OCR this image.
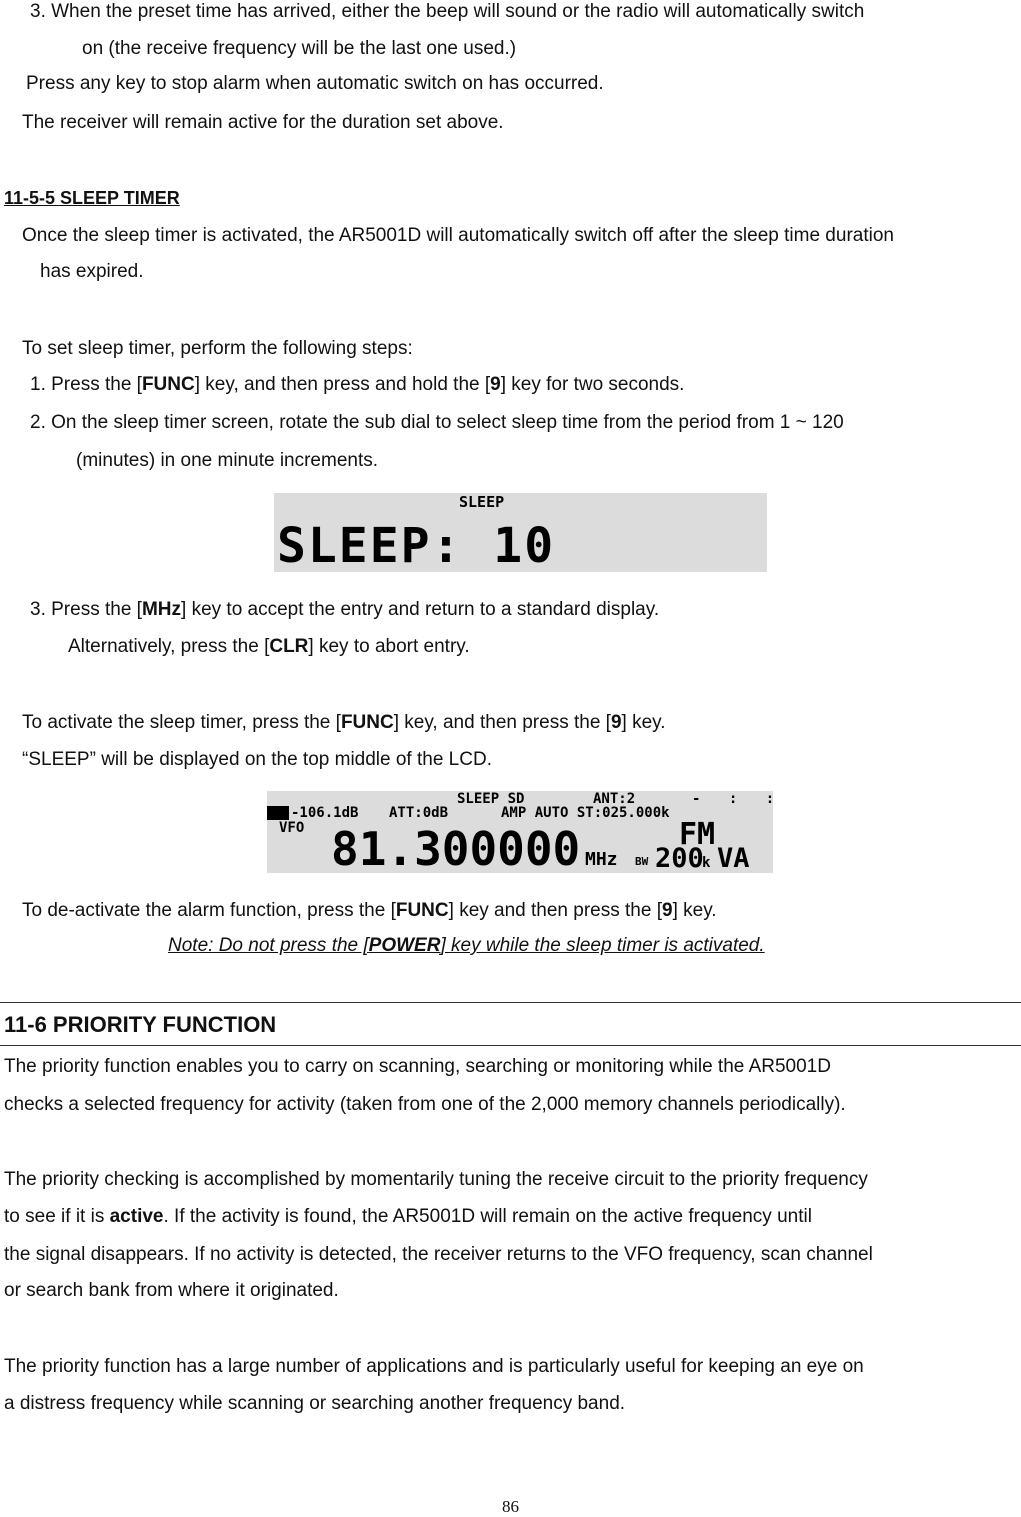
3. When the preset time has arrived, either the beep will sound or the radio will automatically switch
on (the receive frequency will be the last one used.)
Press any key to stop alarm when automatic switch on has occurred.
The receiver will remain active for the duration set above.
11-5-5 SLEEP TIMER
Once the sleep timer is activated, the AR5001D will automatically switch off after the sleep time duration
has expired.
To set sleep timer, perform the following steps:
1. Press the [FUNC] key, and then press and hold the [9] key for two seconds.
2. On the sleep timer screen, rotate the sub dial to select sleep time from the period from 1 ~ 120
(minutes) in one minute increments.
SLEEP
SLEEP: 10
3. Press the [MHz] key to accept the entry and return to a standard display.
Alternatively, press the [CLR] key to abort entry.
To activate the sleep timer, press the [FUNC] key, and then press the [9] key.
“SLEEP” will be displayed on the top middle of the LCD.
-106.1dB ATT:0dB
SLEEP SD	ANT:2	- : :
VFO
AMP AUTO ST:025.000k
FM
81.300000 MHz BW 200
k VA
To de-activate the alarm function, press the [FUNC] key and then press the [9] key.
Note: Do not press the [POWER] key while the sleep timer is activated.
11-6 PRIORITY FUNCTION
The priority function enables you to carry on scanning, searching or monitoring while the AR5001D
checks a selected frequency for activity (taken from one of the 2,000 memory channels periodically).
The priority checking is accomplished by momentarily tuning the receive circuit to the priority frequency
to see if it is active. If the activity is found, the AR5001D will remain on the active frequency until
the signal disappears. If no activity is detected, the receiver returns to the VFO frequency, scan channel
or search bank from where it originated.
The priority function has a large number of applications and is particularly useful for keeping an eye on
a distress frequency while scanning or searching another frequency band.
86
